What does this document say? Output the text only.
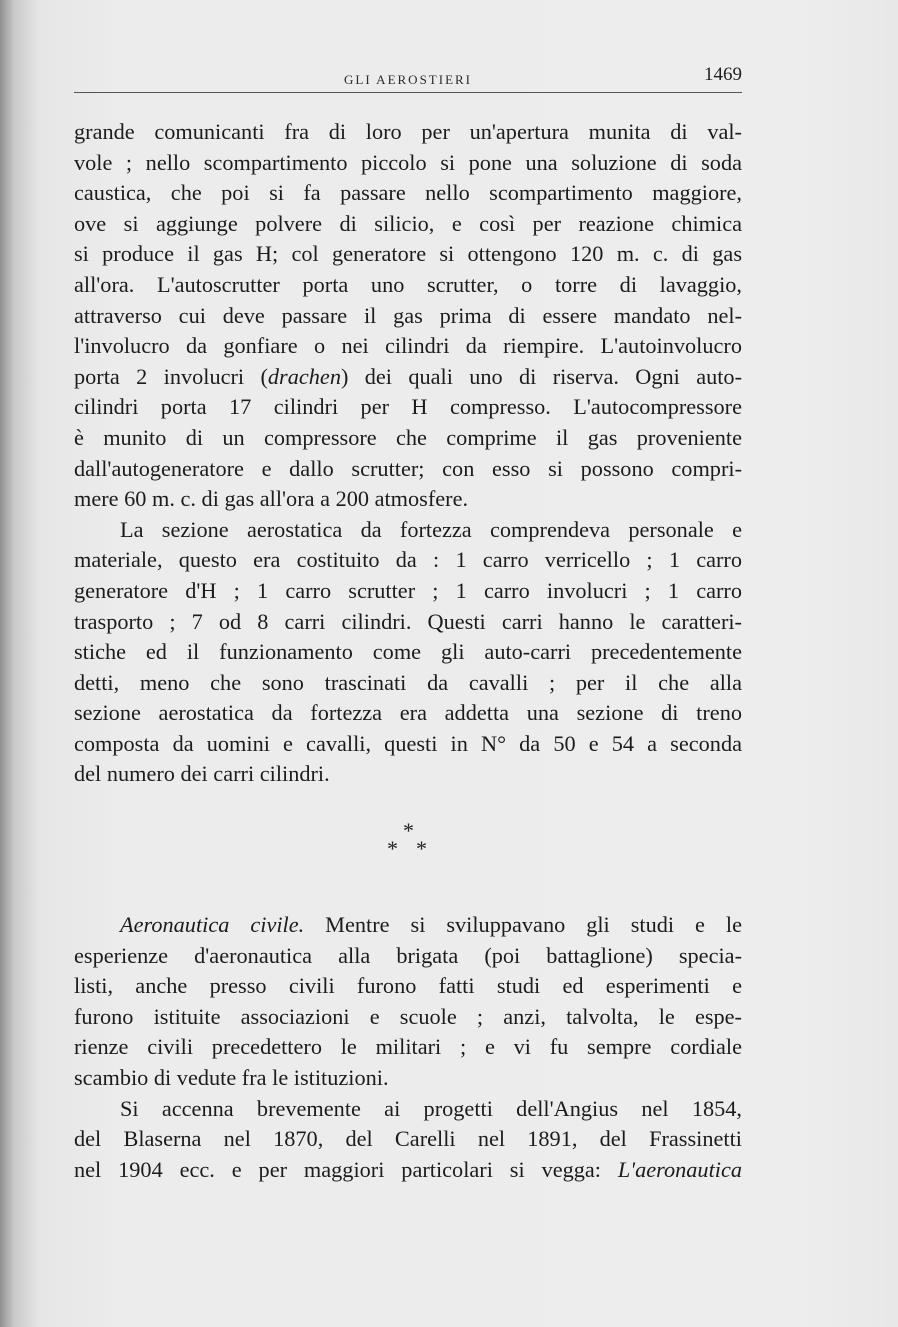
GLI AEROSTIERI	1469

grande comunicanti fra di loro per un'apertura munita di val-
vole ; nello scompartimento piccolo si pone una soluzione di soda
caustica, che poi si fa passare nello scompartimento maggiore,
ove si aggiunge polvere di silicio, e così per reazione chimica
si produce il gas H; col generatore si ottengono 120 m. c. di gas
all'ora. L'autoscrutter porta uno scrutter, o torre di lavaggio,
attraverso cui deve passare il gas prima di essere mandato nel-
l'involucro da gonfiare o nei cilindri da riempire. L'autoinvolucro
porta 2 involucri (drachen) dei quali uno di riserva. Ogni auto-
cilindri porta 17 cilindri per H compresso. L'autocompressore
è munito di un compressore che comprime il gas proveniente
dall'autogeneratore e dallo scrutter; con esso si possono compri-
mere 60 m. c. di gas all'ora a 200 atmosfere.

La sezione aerostatica da fortezza comprendeva personale e
materiale, questo era costituito da : 1 carro verricello ; 1 carro
generatore d'H ; 1 carro scrutter ; 1 carro involucri ; 1 carro
trasporto ; 7 od 8 carri cilindri. Questi carri hanno le caratteri-
stiche ed il funzionamento come gli auto-carri precedentemente
detti, meno che sono trascinati da cavalli ; per il che alla
sezione aerostatica da fortezza era addetta una sezione di treno
composta da uomini e cavalli, questi in N° da 50 e 54 a seconda
del numero dei carri cilindri.

*
**

Aeronautica civile. Mentre si sviluppavano gli studi e le
esperienze d'aeronautica alla brigata (poi battaglione) specia-
listi, anche presso civili furono fatti studi ed esperimenti e
furono istituite associazioni e scuole ; anzi, talvolta, le espe-
rienze civili precedettero le militari ; e vi fu sempre cordiale
scambio di vedute fra le istituzioni.

Si accenna brevemente ai progetti dell'Angius nel 1854,
del Blaserna nel 1870, del Carelli nel 1891, del Frassinetti
nel 1904 ecc. e per maggiori particolari si vegga: L'aeronautica
